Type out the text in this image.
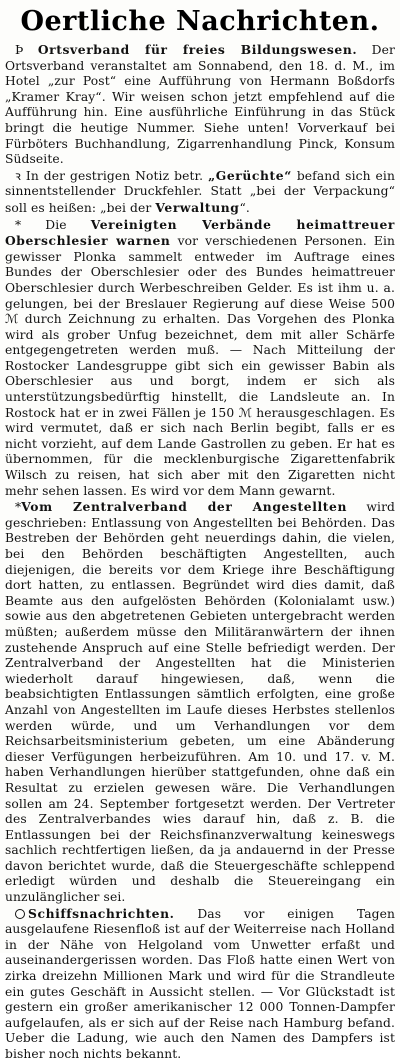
Oertliche Nachrichten.

Þ Ortsverband für freies Bildungswesen. Der Ortsverband veranstaltet am Sonnabend, den 18. d. M., im Hotel „zur Post“ eine Aufführung von Hermann Boßdorfs „Kramer Kray“. Wir weisen schon jetzt empfehlend auf die Aufführung hin. Eine ausführliche Einführung in das Stück bringt die heutige Nummer. Siehe unten! Vorverkauf bei Fürböters Buchhandlung, Zigarrenhandlung Pinck, Konsum Südseite.

ꝛ In der gestrigen Notiz betr. „Gerüchte“ befand sich ein sinnentstellender Druckfehler. Statt „bei der Verpackung“ soll es heißen: „bei der Verwaltung“.

* Die Vereinigten Verbände heimattreuer Oberschlesier warnen vor verschiedenen Personen. Ein gewisser Plonka sammelt entweder im Auftrage eines Bundes der Oberschlesier oder des Bundes heimattreuer Oberschlesier durch Werbeschreiben Gelder. Es ist ihm u. a. gelungen, bei der Breslauer Regierung auf diese Weise 500 ℳ durch Zeichnung zu erhalten. Das Vorgehen des Plonka wird als grober Unfug bezeichnet, dem mit aller Schärfe entgegengetreten werden muß. — Nach Mitteilung der Rostocker Landesgruppe gibt sich ein gewisser Babin als Oberschlesier aus und borgt, indem er sich als unterstützungsbedürftig hinstellt, die Landsleute an. In Rostock hat er in zwei Fällen je 150 ℳ herausgeschlagen. Es wird vermutet, daß er sich nach Berlin begibt, falls er es nicht vorzieht, auf dem Lande Gastrollen zu geben. Er hat es übernommen, für die mecklenburgische Zigarettenfabrik Wilsch zu reisen, hat sich aber mit den Zigaretten nicht mehr sehen lassen. Es wird vor dem Mann gewarnt.

*Vom Zentralverband der Angestellten wird geschrieben: Entlassung von Angestellten bei Behörden. Das Bestreben der Behörden geht neuerdings dahin, die vielen, bei den Behörden beschäftigten Angestellten, auch diejenigen, die bereits vor dem Kriege ihre Beschäftigung dort hatten, zu entlassen. Begründet wird dies damit, daß Beamte aus den aufgelösten Behörden (Kolonialamt usw.) sowie aus den abgetretenen Gebieten untergebracht werden müßten; außerdem müsse den Militäranwärtern der ihnen zustehende Anspruch auf eine Stelle befriedigt werden. Der Zentralverband der Angestellten hat die Ministerien wiederholt darauf hingewiesen, daß, wenn die beabsichtigten Entlassungen sämtlich erfolgten, eine große Anzahl von Angestellten im Laufe dieses Herbstes stellenlos werden würde, und um Verhandlungen vor dem Reichsarbeitsministerium gebeten, um eine Abänderung dieser Verfügungen herbeizuführen. Am 10. und 17. v. M. haben Verhandlungen hierüber stattgefunden, ohne daß ein Resultat zu erzielen gewesen wäre. Die Verhandlungen sollen am 24. September fortgesetzt werden. Der Vertreter des Zentralverbandes wies darauf hin, daß z. B. die Entlassungen bei der Reichsfinanzverwaltung keineswegs sachlich rechtfertigen ließen, da ja andauernd in der Presse davon berichtet wurde, daß die Steuergeschäfte schleppend erledigt würden und deshalb die Steuereingang ein unzulänglicher sei.

Schiffsnachrichten. Das vor einigen Tagen ausgelaufene Riesenfloß ist auf der Weiterreise nach Holland in der Nähe von Helgoland vom Unwetter erfaßt und auseinandergerissen worden. Das Floß hatte einen Wert von zirka dreizehn Millionen Mark und wird für die Strandleute ein gutes Geschäft in Aussicht stellen. — Vor Glückstadt ist gestern ein großer amerikanischer 12 000 Tonnen-Dampfer aufgelaufen, als er sich auf der Reise nach Hamburg befand. Ueber die Ladung, wie auch den Namen des Dampfers ist bisher noch nichts bekannt.
